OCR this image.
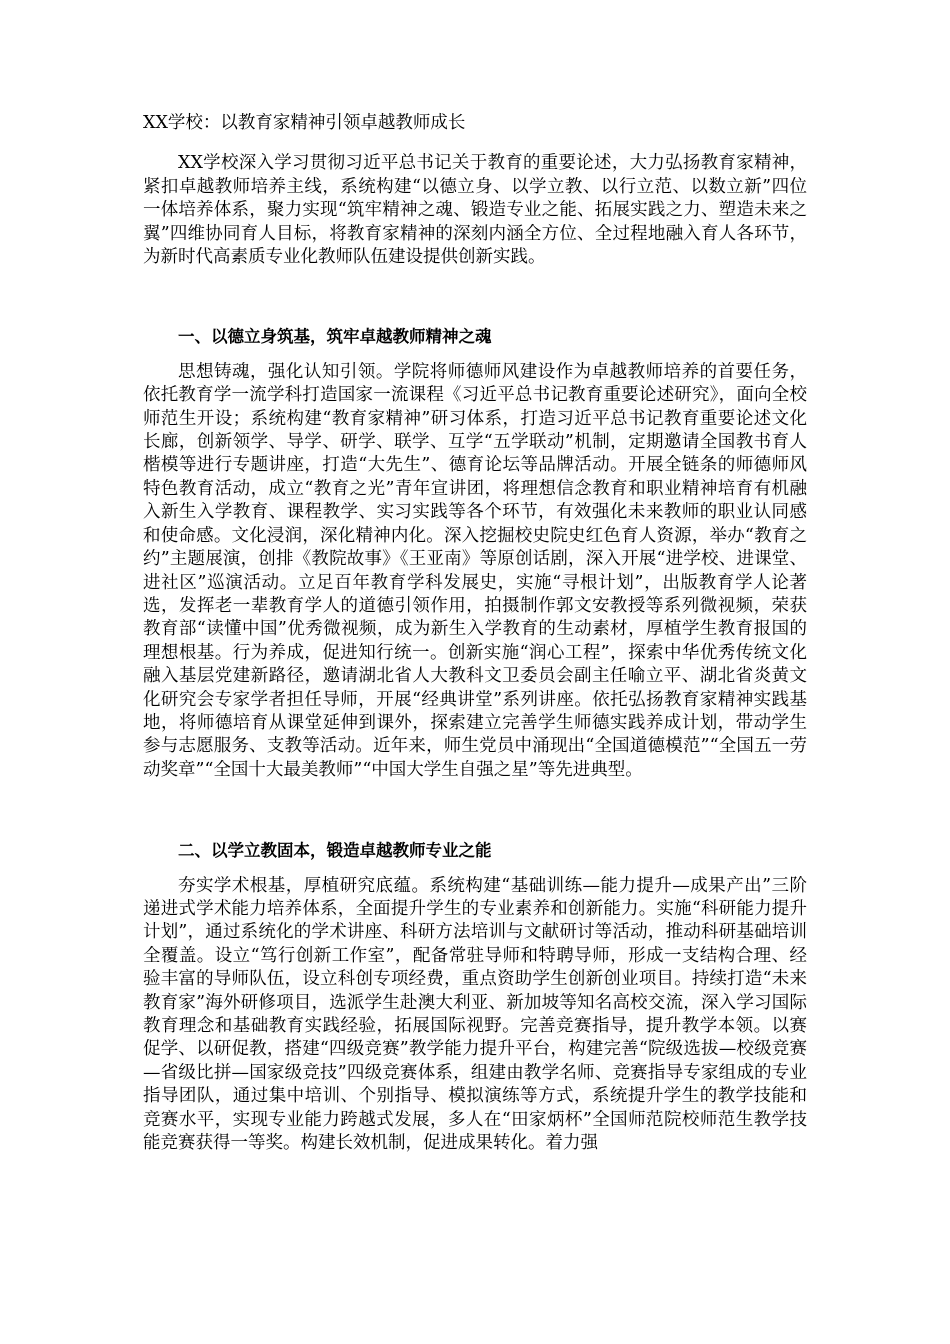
XX学校：以教育家精神引领卓越教师成长

XX学校深入学习贯彻习近平总书记关于教育的重要论述，大力弘扬教育家精神，紧扣卓越教师培养主线，系统构建“以德立身、以学立教、以行立范、以数立新”四位一体培养体系，聚力实现“筑牢精神之魂、锻造专业之能、拓展实践之力、塑造未来之翼”四维协同育人目标，将教育家精神的深刻内涵全方位、全过程地融入育人各环节，为新时代高素质专业化教师队伍建设提供创新实践。

一、以德立身筑基，筑牢卓越教师精神之魂

思想铸魂，强化认知引领。学院将师德师风建设作为卓越教师培养的首要任务，依托教育学一流学科打造国家一流课程《习近平总书记教育重要论述研究》，面向全校师范生开设；系统构建“教育家精神”研习体系，打造习近平总书记教育重要论述文化长廊，创新领学、导学、研学、联学、互学“五学联动”机制，定期邀请全国教书育人楷模等进行专题讲座，打造“大先生”、德育论坛等品牌活动。开展全链条的师德师风特色教育活动，成立“教育之光”青年宣讲团，将理想信念教育和职业精神培育有机融入新生入学教育、课程教学、实习实践等各个环节，有效强化未来教师的职业认同感和使命感。文化浸润，深化精神内化。深入挖掘校史院史红色育人资源，举办“教育之约”主题展演，创排《教院故事》《王亚南》等原创话剧，深入开展“进学校、进课堂、进社区”巡演活动。立足百年教育学科发展史，实施“寻根计划”，出版教育学人论著选，发挥老一辈教育学人的道德引领作用，拍摄制作郭文安教授等系列微视频，荣获教育部“读懂中国”优秀微视频，成为新生入学教育的生动素材，厚植学生教育报国的理想根基。行为养成，促进知行统一。创新实施“润心工程”，探索中华优秀传统文化融入基层党建新路径，邀请湖北省人大教科文卫委员会副主任喻立平、湖北省炎黄文化研究会专家学者担任导师，开展“经典讲堂”系列讲座。依托弘扬教育家精神实践基地，将师德培育从课堂延伸到课外，探索建立完善学生师德实践养成计划，带动学生参与志愿服务、支教等活动。近年来，师生党员中涌现出“全国道德模范”“全国五一劳动奖章”“全国十大最美教师”“中国大学生自强之星”等先进典型。

二、以学立教固本，锻造卓越教师专业之能

夯实学术根基，厚植研究底蕴。系统构建“基础训练—能力提升—成果产出”三阶递进式学术能力培养体系，全面提升学生的专业素养和创新能力。实施“科研能力提升计划”，通过系统化的学术讲座、科研方法培训与文献研讨等活动，推动科研基础培训全覆盖。设立“笃行创新工作室”，配备常驻导师和特聘导师，形成一支结构合理、经验丰富的导师队伍，设立科创专项经费，重点资助学生创新创业项目。持续打造“未来教育家”海外研修项目，选派学生赴澳大利亚、新加坡等知名高校交流，深入学习国际教育理念和基础教育实践经验，拓展国际视野。完善竞赛指导，提升教学本领。以赛促学、以研促教，搭建“四级竞赛”教学能力提升平台，构建完善“院级选拔—校级竞赛—省级比拼—国家级竞技”四级竞赛体系，组建由教学名师、竞赛指导专家组成的专业指导团队，通过集中培训、个别指导、模拟演练等方式，系统提升学生的教学技能和竞赛水平，实现专业能力跨越式发展，多人在“田家炳杯”全国师范院校师范生教学技能竞赛获得一等奖。构建长效机制，促进成果转化。着力强
